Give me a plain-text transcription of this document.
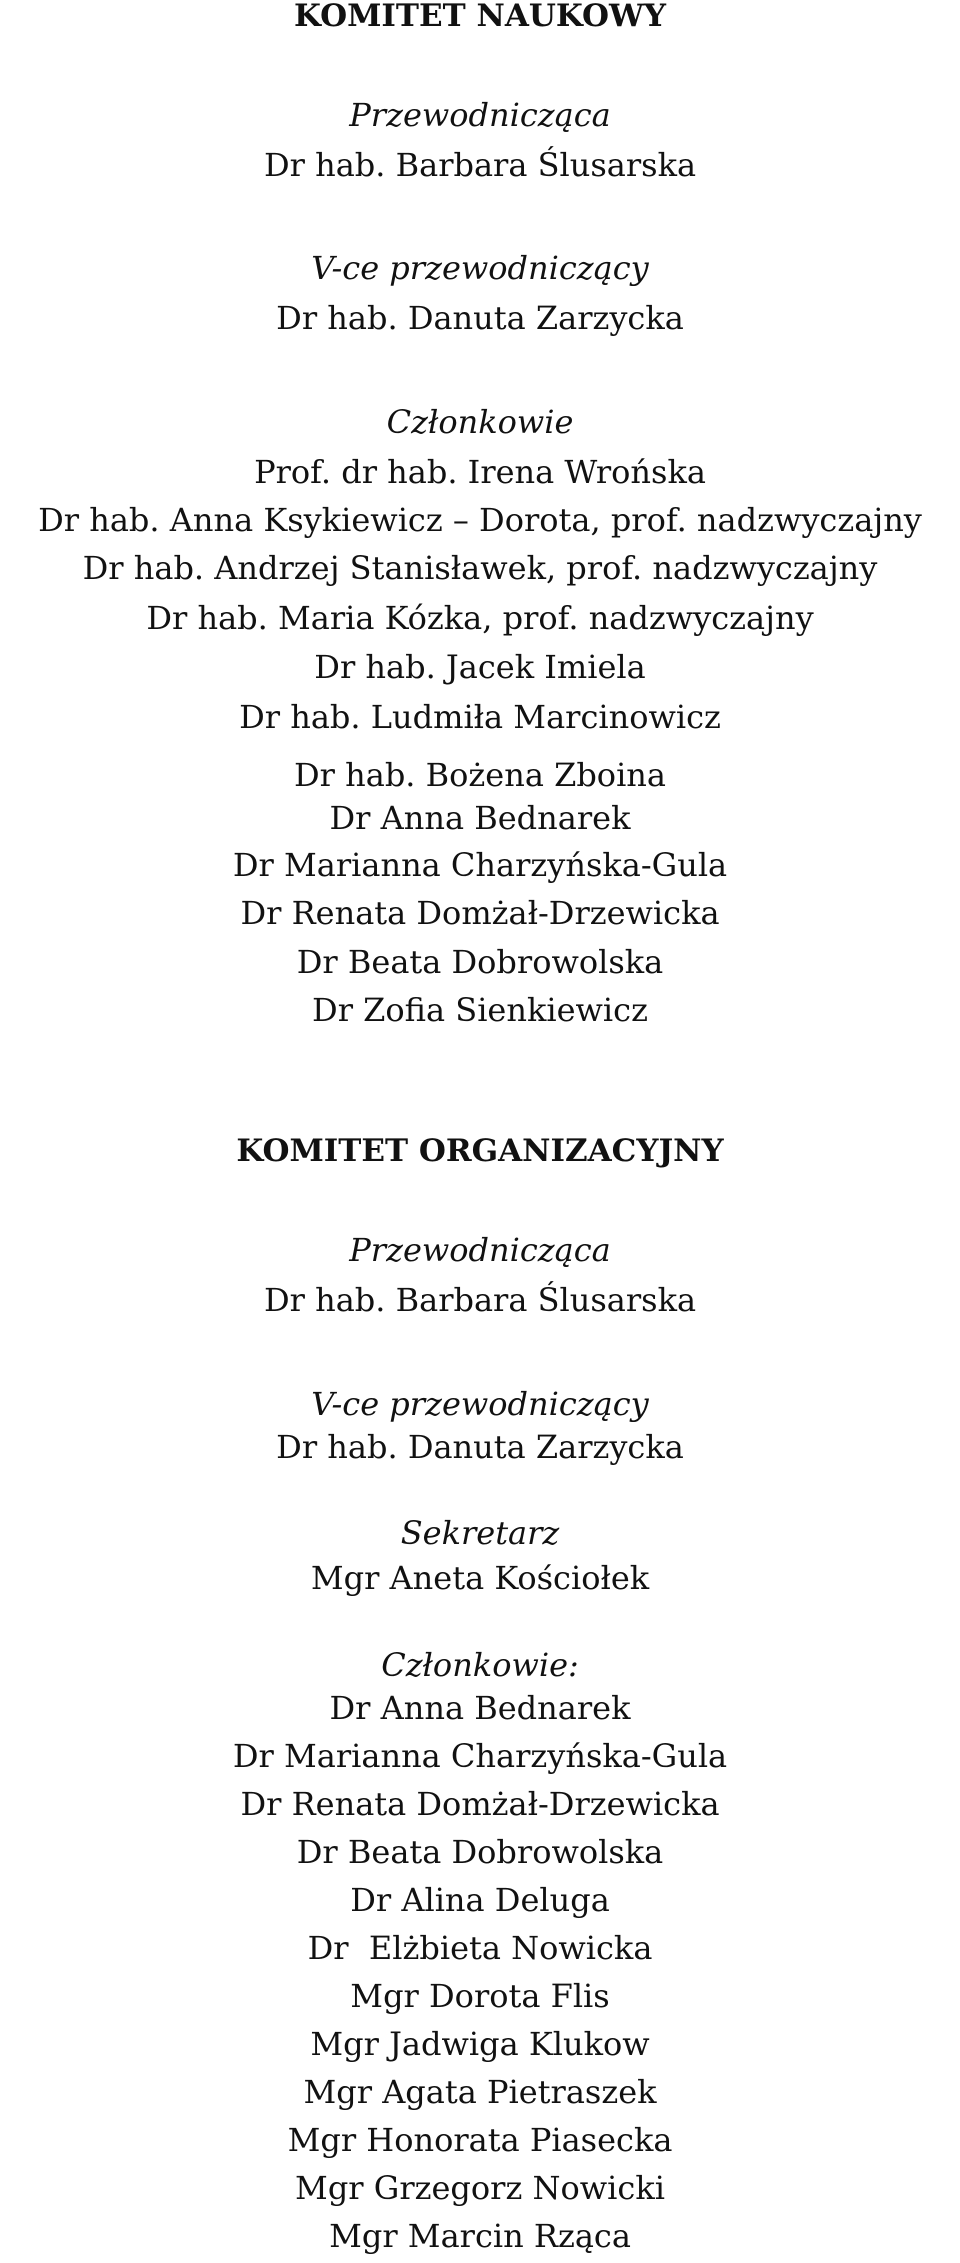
KOMITET NAUKOWY
Przewodnicząca
Dr hab. Barbara Ślusarska
V-ce przewodniczący
Dr hab. Danuta Zarzycka
Członkowie
Prof. dr hab. Irena Wrońska
Dr hab. Anna Ksykiewicz – Dorota, prof. nadzwyczajny
Dr hab. Andrzej Stanisławek, prof. nadzwyczajny
Dr hab. Maria Kózka, prof. nadzwyczajny
Dr hab. Jacek Imiela
Dr hab. Ludmiła Marcinowicz
Dr hab. Bożena Zboina
Dr Anna Bednarek
Dr Marianna Charzyńska-Gula
Dr Renata Domżał-Drzewicka
Dr Beata Dobrowolska
Dr Zofia Sienkiewicz
KOMITET ORGANIZACYJNY
Przewodnicząca
Dr hab. Barbara Ślusarska
V-ce przewodniczący
Dr hab. Danuta Zarzycka
Sekretarz
Mgr Aneta Kościołek
Członkowie:
Dr Anna Bednarek
Dr Marianna Charzyńska-Gula
Dr Renata Domżał-Drzewicka
Dr Beata Dobrowolska
Dr Alina Deluga
Dr  Elżbieta Nowicka
Mgr Dorota Flis
Mgr Jadwiga Klukow
Mgr Agata Pietraszek
Mgr Honorata Piasecka
Mgr Grzegorz Nowicki
Mgr Marcin Rząca
